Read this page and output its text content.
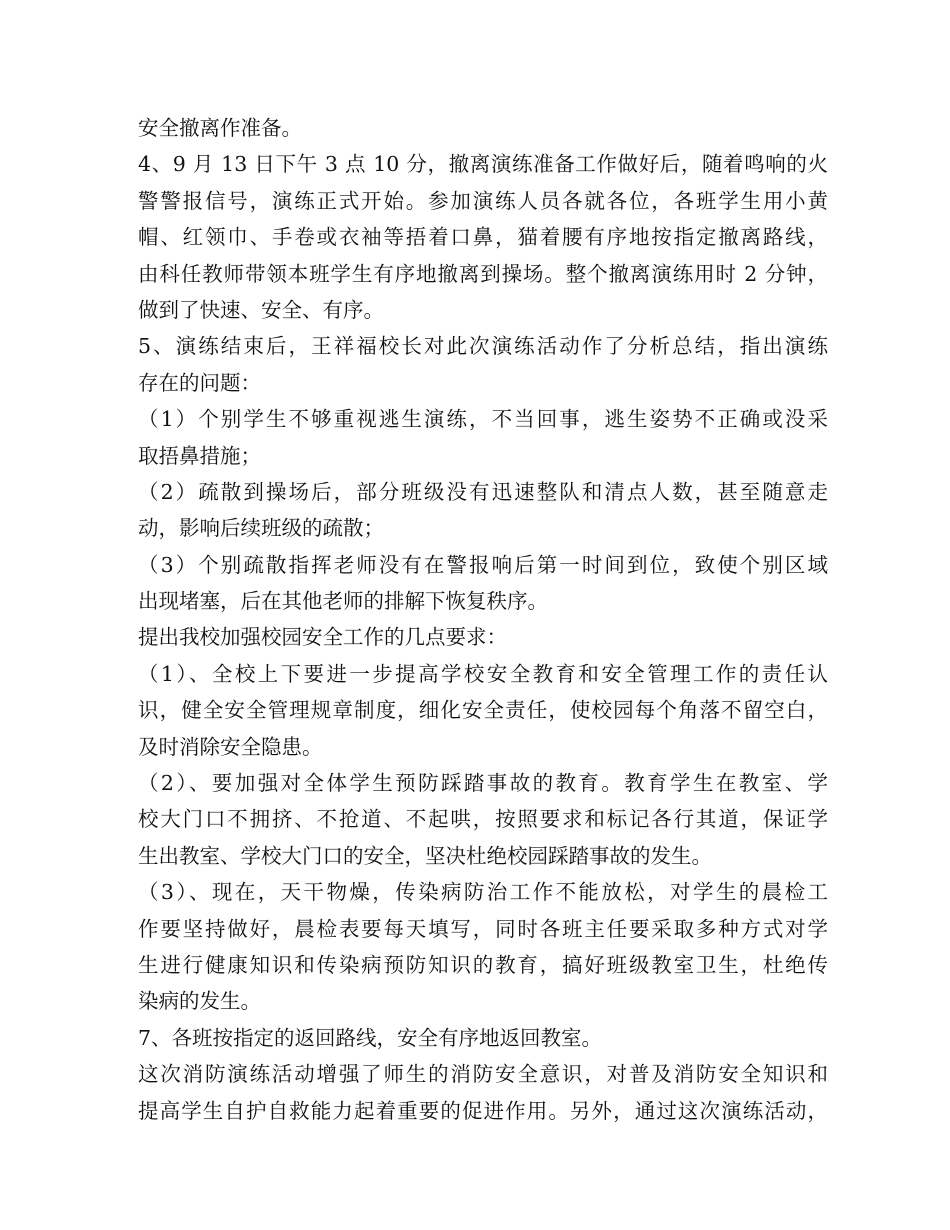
安全撤离作准备。
4、9 月 13 日下午 3 点 10 分，撤离演练准备工作做好后，随着鸣响的火
警警报信号，演练正式开始。参加演练人员各就各位，各班学生用小黄
帽、红领巾、手卷或衣袖等捂着口鼻，猫着腰有序地按指定撤离路线，
由科任教师带领本班学生有序地撤离到操场。整个撤离演练用时 2 分钟，
做到了快速、安全、有序。
5、演练结束后，王祥福校长对此次演练活动作了分析总结，指出演练
存在的问题：
（1）个别学生不够重视逃生演练，不当回事，逃生姿势不正确或没采
取捂鼻措施；
（2）疏散到操场后，部分班级没有迅速整队和清点人数，甚至随意走
动，影响后续班级的疏散；
（3）个别疏散指挥老师没有在警报响后第一时间到位，致使个别区域
出现堵塞，后在其他老师的排解下恢复秩序。
提出我校加强校园安全工作的几点要求：
（1）、全校上下要进一步提高学校安全教育和安全管理工作的责任认
识，健全安全管理规章制度，细化安全责任，使校园每个角落不留空白，
及时消除安全隐患。
（2）、要加强对全体学生预防踩踏事故的教育。教育学生在教室、学
校大门口不拥挤、不抢道、不起哄，按照要求和标记各行其道，保证学
生出教室、学校大门口的安全，坚决杜绝校园踩踏事故的发生。
（3）、现在，天干物燥，传染病防治工作不能放松，对学生的晨检工
作要坚持做好，晨检表要每天填写，同时各班主任要采取多种方式对学
生进行健康知识和传染病预防知识的教育，搞好班级教室卫生，杜绝传
染病的发生。
7、各班按指定的返回路线，安全有序地返回教室。
这次消防演练活动增强了师生的消防安全意识，对普及消防安全知识和
提高学生自护自救能力起着重要的促进作用。另外，通过这次演练活动，
